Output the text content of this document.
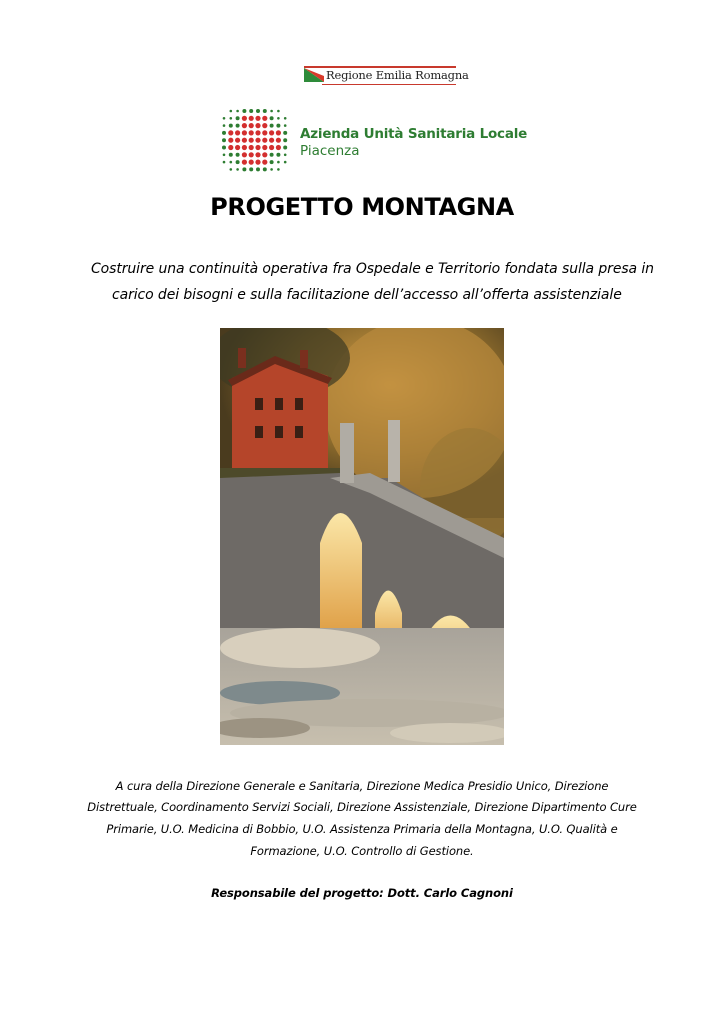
Regione Emilia Romagna
Azienda Unità Sanitaria Locale
Piacenza
PROGETTO MONTAGNA
Costruire una continuità operativa fra Ospedale e Territorio fondata sulla presa in
carico dei bisogni e sulla facilitazione dell’accesso all’offerta assistenziale
A cura della Direzione Generale e Sanitaria, Direzione Medica Presidio Unico, Direzione
Distrettuale, Coordinamento Servizi Sociali, Direzione Assistenziale, Direzione Dipartimento Cure
Primarie, U.O. Medicina di Bobbio, U.O. Assistenza Primaria della Montagna, U.O. Qualità e
Formazione, U.O. Controllo di Gestione.
Responsabile del progetto: Dott. Carlo Cagnoni
